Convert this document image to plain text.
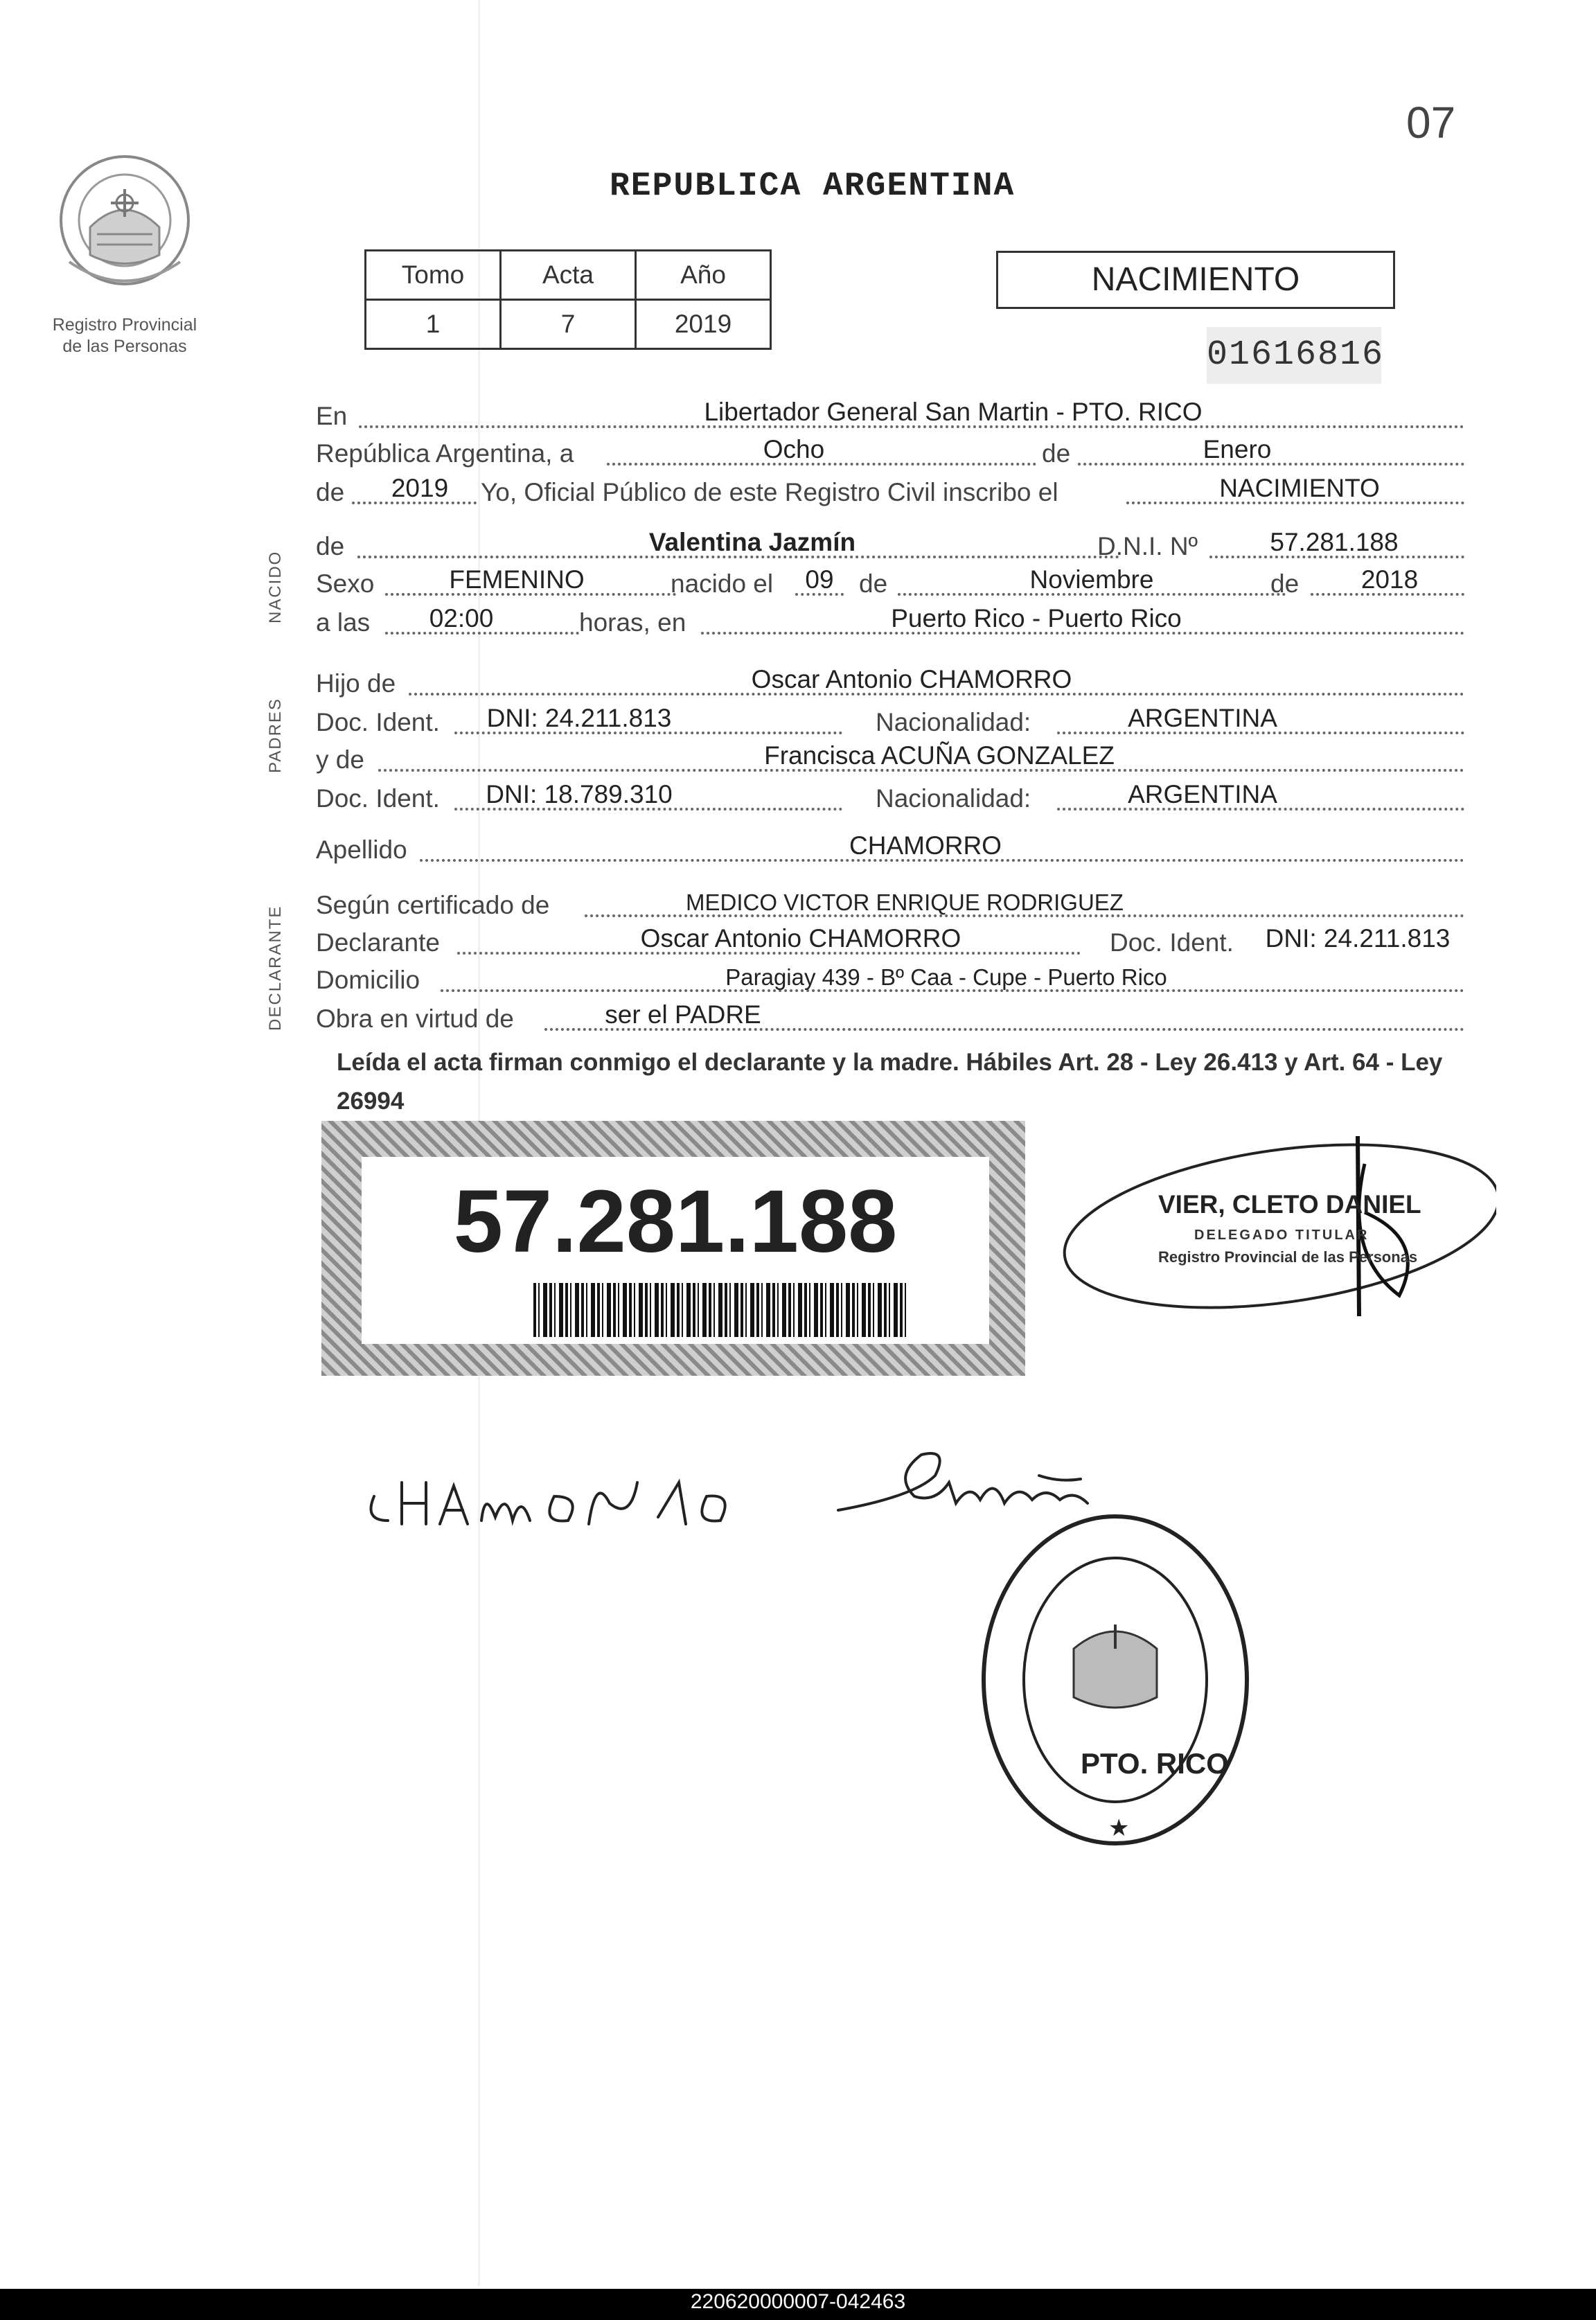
07
Registro Provincial
de las Personas
REPUBLICA ARGENTINA
Tomo	Acta	Año
1	7	2019
NACIMIENTO
01616816
NACIDO
PADRES
DECLARANTE
En	Libertador General San Martin - PTO. RICO
República Argentina, a	Ocho	de	Enero
de	2019	Yo, Oficial Público de este Registro Civil inscribo el	NACIMIENTO
de	Valentina Jazmín	D.N.I. Nº	57.281.188
Sexo	FEMENINO	nacido el	09 de	Noviembre	de	2018
a las	02:00	horas, en	Puerto Rico - Puerto Rico
Hijo de	Oscar Antonio CHAMORRO
Doc. Ident.	DNI: 24.211.813	Nacionalidad:	ARGENTINA
y de	Francisca ACUÑA GONZALEZ
Doc. Ident.	DNI: 18.789.310	Nacionalidad:	ARGENTINA
Apellido	CHAMORRO
Según certificado de	MEDICO VICTOR ENRIQUE RODRIGUEZ
Declarante	Oscar Antonio CHAMORRO	Doc. Ident.	DNI: 24.211.813
Domicilio	Paragiay 439 - Bº Caa - Cupe - Puerto Rico
Obra en virtud de	ser el PADRE
Leída el acta firman conmigo el declarante y la madre. Hábiles Art. 28 - Ley 26.413 y Art. 64 - Ley 26994
57.281.188	VIER, CLETO DANIEL
DELEGADO TITULAR
Registro Provincial de las Personas
PTO. RICO
★
220620000007-042463
